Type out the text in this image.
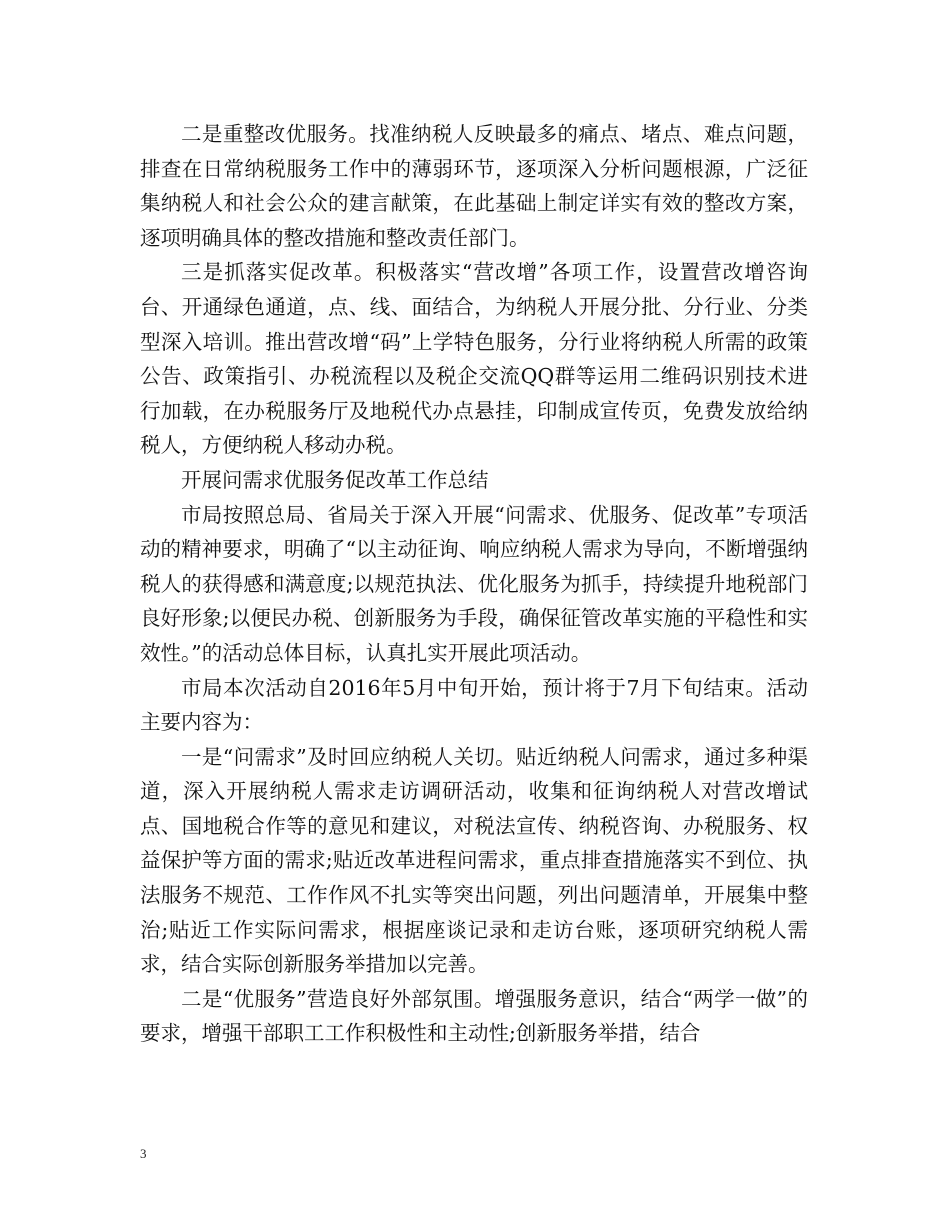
二是重整改优服务。找准纳税人反映最多的痛点、堵点、难点问题，排查在日常纳税服务工作中的薄弱环节，逐项深入分析问题根源，广泛征集纳税人和社会公众的建言献策，在此基础上制定详实有效的整改方案，逐项明确具体的整改措施和整改责任部门。

三是抓落实促改革。积极落实“营改增”各项工作，设置营改增咨询台、开通绿色通道，点、线、面结合，为纳税人开展分批、分行业、分类型深入培训。推出营改增“码”上学特色服务，分行业将纳税人所需的政策公告、政策指引、办税流程以及税企交流QQ群等运用二维码识别技术进行加载，在办税服务厅及地税代办点悬挂，印制成宣传页，免费发放给纳税人，方便纳税人移动办税。

开展问需求优服务促改革工作总结

市局按照总局、省局关于深入开展“问需求、优服务、促改革”专项活动的精神要求，明确了“以主动征询、响应纳税人需求为导向，不断增强纳税人的获得感和满意度;以规范执法、优化服务为抓手，持续提升地税部门良好形象;以便民办税、创新服务为手段，确保征管改革实施的平稳性和实效性。”的活动总体目标，认真扎实开展此项活动。

市局本次活动自2016年5月中旬开始，预计将于7月下旬结束。活动主要内容为：

一是“问需求”及时回应纳税人关切。贴近纳税人问需求，通过多种渠道，深入开展纳税人需求走访调研活动，收集和征询纳税人对营改增试点、国地税合作等的意见和建议，对税法宣传、纳税咨询、办税服务、权益保护等方面的需求;贴近改革进程问需求，重点排查措施落实不到位、执法服务不规范、工作作风不扎实等突出问题，列出问题清单，开展集中整治;贴近工作实际问需求，根据座谈记录和走访台账，逐项研究纳税人需求，结合实际创新服务举措加以完善。

二是“优服务”营造良好外部氛围。增强服务意识，结合“两学一做”的要求，增强干部职工工作积极性和主动性;创新服务举措，结合

3
